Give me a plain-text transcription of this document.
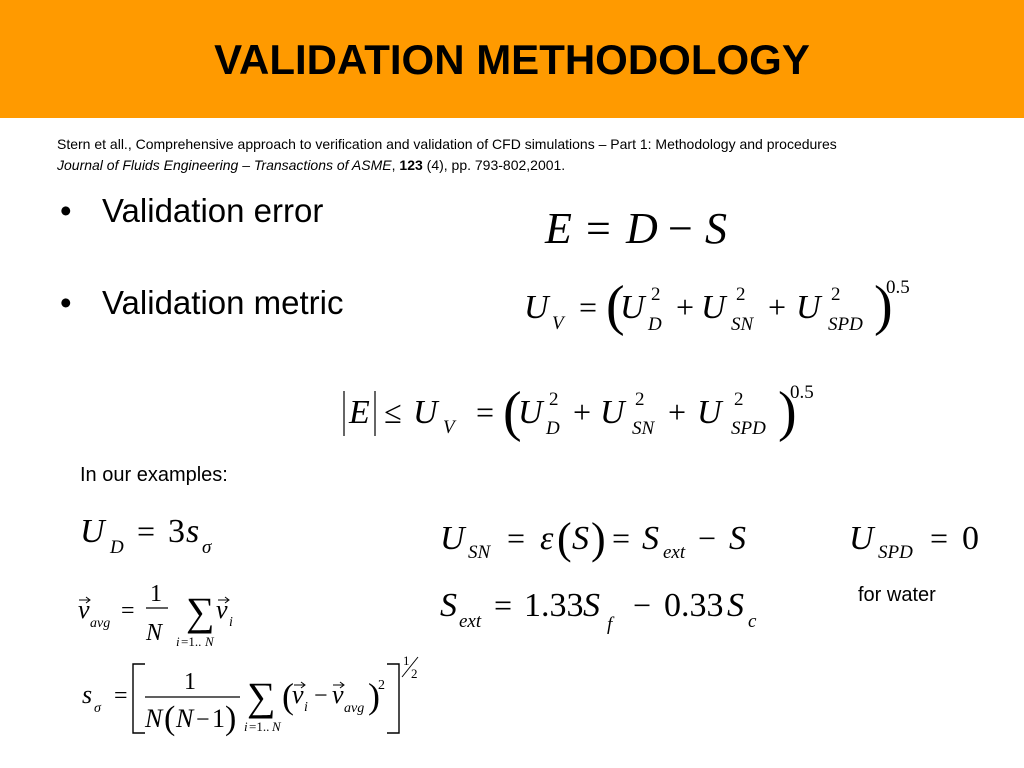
VALIDATION METHODOLOGY
Stern et all., Comprehensive approach to verification and validation of CFD simulations – Part 1: Methodology and procedures
Journal of Fluids Engineering – Transactions of ASME, 123 (4), pp. 793-802,2001.
• Validation error
• Validation metric
In our examples:
for water
E = D − S
U V = (
U 2
D + U 2
SN + U 2
SPD )
0.5
E ≤ U V = (
U 2
D + U 2
SN + U 2
SPD )
0.5
U D = 3 s σ	U SN = ε ( S ) = S ext − S	U SPD = 0
v avg =
1
N ∑
i =1.. N
v i	S ext = 1.33 S
f
− 0.33 S c
s σ =
1
N ( N − 1 ) ∑
i =1.. N
(
v i − v avg )
2
1
2
